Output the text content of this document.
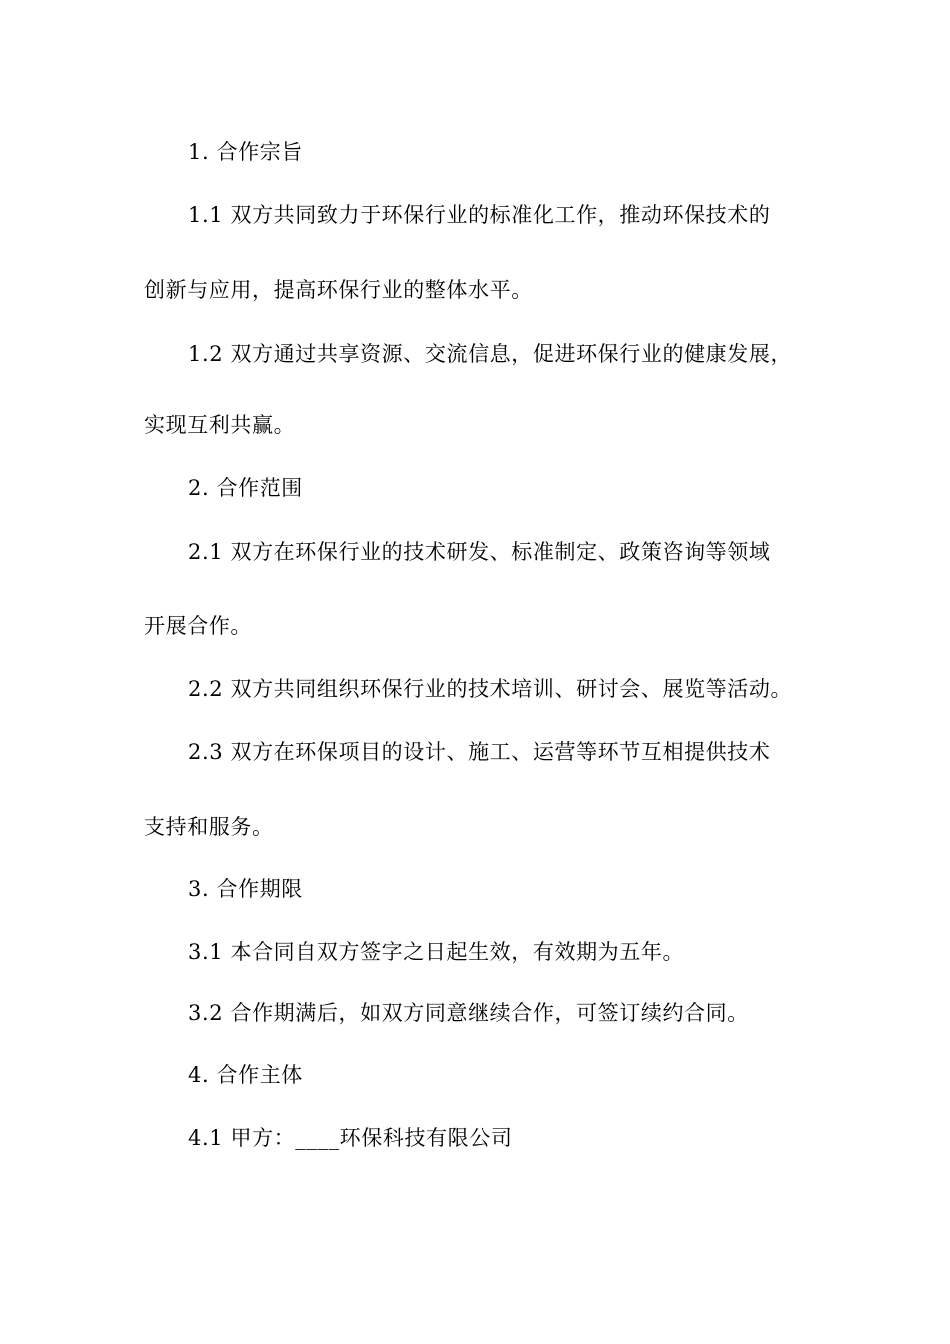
1. 合作宗旨
1.1 双方共同致力于环保行业的标准化工作，推动环保技术的
创新与应用，提高环保行业的整体水平。
1.2 双方通过共享资源、交流信息，促进环保行业的健康发展，
实现互利共赢。
2. 合作范围
2.1 双方在环保行业的技术研发、标准制定、政策咨询等领域
开展合作。
2.2 双方共同组织环保行业的技术培训、研讨会、展览等活动。
2.3 双方在环保项目的设计、施工、运营等环节互相提供技术
支持和服务。
3. 合作期限
3.1 本合同自双方签字之日起生效，有效期为五年。
3.2 合作期满后，如双方同意继续合作，可签订续约合同。
4. 合作主体
4.1 甲方：____环保科技有限公司
